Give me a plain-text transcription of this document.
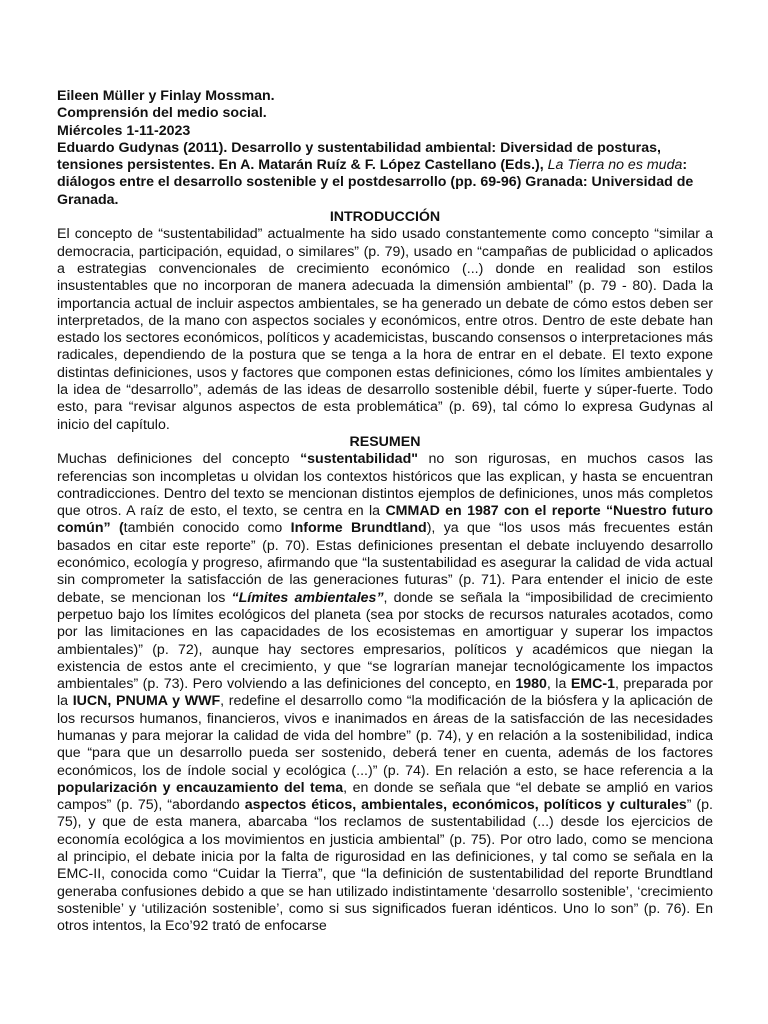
Eileen Müller y Finlay Mossman.

Comprensión del medio social.

Miércoles 1-11-2023

Eduardo Gudynas (2011). Desarrollo y sustentabilidad ambiental: Diversidad de posturas, tensiones persistentes. En A. Matarán Ruíz & F. López Castellano (Eds.), La Tierra no es muda: diálogos entre el desarrollo sostenible y el postdesarrollo (pp. 69-96) Granada: Universidad de Granada.

INTRODUCCIÓN

El concepto de “sustentabilidad” actualmente ha sido usado constantemente como concepto “similar a democracia, participación, equidad, o similares” (p. 79), usado en “campañas de publicidad o aplicados a estrategias convencionales de crecimiento económico (...) donde en realidad son estilos insustentables que no incorporan de manera adecuada la dimensión ambiental” (p. 79 - 80). Dada la importancia actual de incluir aspectos ambientales, se ha generado un debate de cómo estos deben ser interpretados, de la mano con aspectos sociales y económicos, entre otros. Dentro de este debate han estado los sectores económicos, políticos y academicistas, buscando consensos o interpretaciones más radicales, dependiendo de la postura que se tenga a la hora de entrar en el debate. El texto expone distintas definiciones, usos y factores que componen estas definiciones, cómo los límites ambientales y la idea de “desarrollo”, además de las ideas de desarrollo sostenible débil, fuerte y súper-fuerte. Todo esto, para “revisar algunos aspectos de esta problemática” (p. 69), tal cómo lo expresa Gudynas al inicio del capítulo.

RESUMEN

Muchas definiciones del concepto “sustentabilidad" no son rigurosas, en muchos casos las referencias son incompletas u olvidan los contextos históricos que las explican, y hasta se encuentran contradicciones. Dentro del texto se mencionan distintos ejemplos de definiciones, unos más completos que otros. A raíz de esto, el texto, se centra en la CMMAD en 1987 con el reporte “Nuestro futuro común” (también conocido como Informe Brundtland), ya que “los usos más frecuentes están basados en citar este reporte” (p. 70). Estas definiciones presentan el debate incluyendo desarrollo económico, ecología y progreso, afirmando que “la sustentabilidad es asegurar la calidad de vida actual sin comprometer la satisfacción de las generaciones futuras” (p. 71). Para entender el inicio de este debate, se mencionan los “Límites ambientales”, donde se señala la “imposibilidad de crecimiento perpetuo bajo los límites ecológicos del planeta (sea por stocks de recursos naturales acotados, como por las limitaciones en las capacidades de los ecosistemas en amortiguar y superar los impactos ambientales)” (p. 72), aunque hay sectores empresarios, políticos y académicos que niegan la existencia de estos ante el crecimiento, y que “se lograrían manejar tecnológicamente los impactos ambientales” (p. 73). Pero volviendo a las definiciones del concepto, en 1980, la EMC-1, preparada por la IUCN, PNUMA y WWF, redefine el desarrollo como “la modificación de la biósfera y la aplicación de los recursos humanos, financieros, vivos e inanimados en áreas de la satisfacción de las necesidades humanas y para mejorar la calidad de vida del hombre” (p. 74), y en relación a la sostenibilidad, indica que “para que un desarrollo pueda ser sostenido, deberá tener en cuenta, además de los factores económicos, los de índole social y ecológica (...)” (p. 74). En relación a esto, se hace referencia a la popularización y encauzamiento del tema, en donde se señala que “el debate se amplió en varios campos” (p. 75), “abordando aspectos éticos, ambientales, económicos, políticos y culturales” (p. 75), y que de esta manera, abarcaba “los reclamos de sustentabilidad (...) desde los ejercicios de economía ecológica a los movimientos en justicia ambiental” (p. 75). Por otro lado, como se menciona al principio, el debate inicia por la falta de rigurosidad en las definiciones, y tal como se señala en la EMC-II, conocida como “Cuidar la Tierra”, que “la definición de sustentabilidad del reporte Brundtland generaba confusiones debido a que se han utilizado indistintamente ‘desarrollo sostenible’, ‘crecimiento sostenible’ y ‘utilización sostenible’, como si sus significados fueran idénticos. Uno lo son” (p. 76). En otros intentos, la Eco’92 trató de enfocarse
